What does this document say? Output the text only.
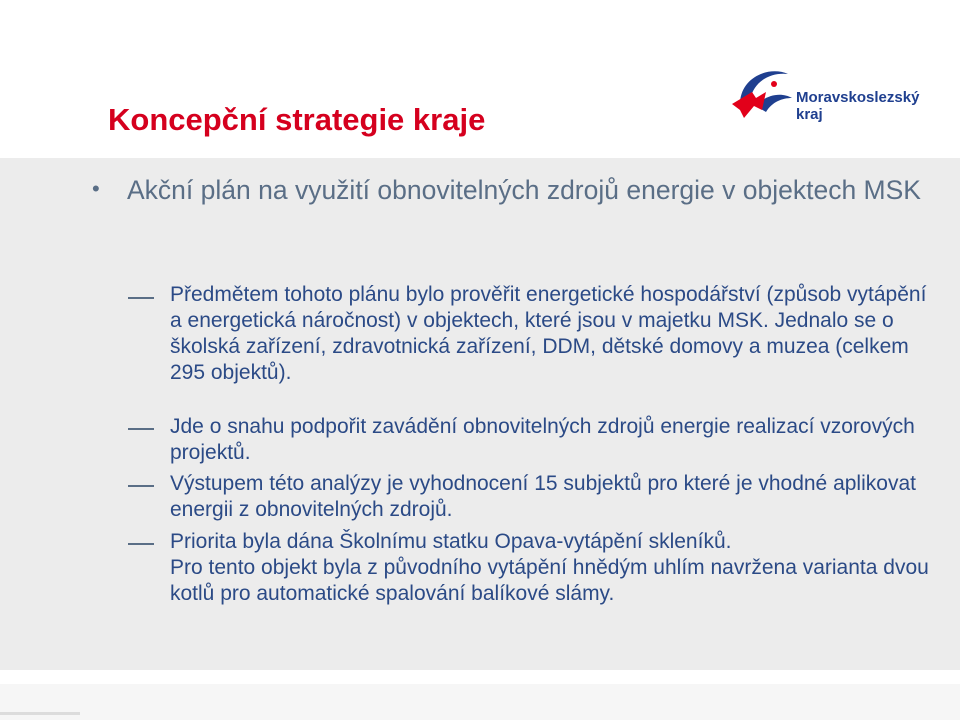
Koncepční strategie kraje
Moravskoslezský
kraj
• Akční plán na využití obnovitelných zdrojů energie v objektech MSK
Předmětem tohoto plánu bylo prověřit energetické hospodářství (způsob vytápění a energetická náročnost) v objektech, které jsou v majetku MSK. Jednalo se o školská zařízení, zdravotnická zařízení, DDM, dětské domovy a muzea (celkem 295 objektů).
Jde o snahu podpořit zavádění obnovitelných zdrojů energie realizací vzorových projektů.
Výstupem této analýzy je vyhodnocení 15 subjektů pro které je vhodné aplikovat energii z obnovitelných zdrojů.
Priorita byla dána Školnímu statku Opava-vytápění skleníků.
Pro tento objekt byla z původního vytápění hnědým uhlím navržena varianta dvou kotlů pro automatické spalování balíkové slámy.
